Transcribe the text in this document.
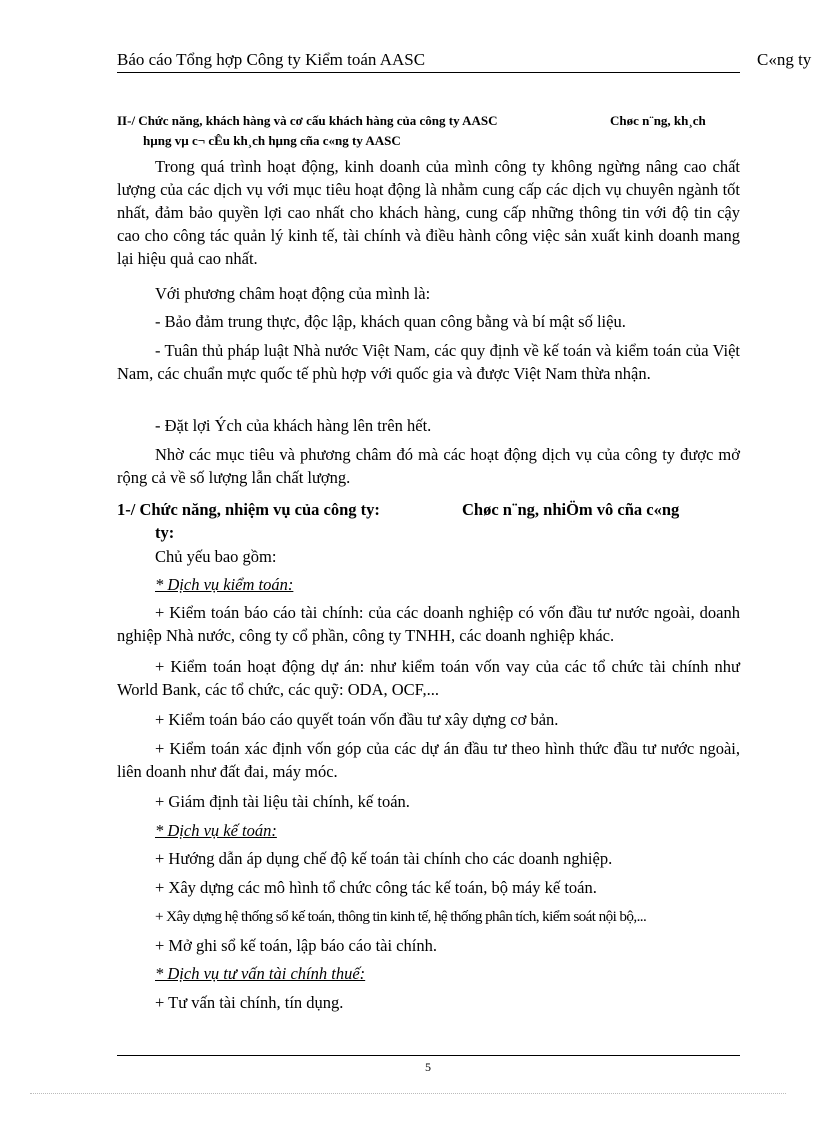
Báo cáo Tổng hợp Công ty Kiểm toán AASC	C«ng ty
II-/ Chức năng, khách hàng và cơ cấu khách hàng của công ty AASC	Chøc n¨ng, kh¸ch
hµng vµ c¬ cÊu kh¸ch hµng cña c«ng ty AASC

Trong quá trình hoạt động, kinh doanh của mình công ty không ngừng nâng cao chất lượng của các dịch vụ với mục tiêu hoạt động là nhằm cung cấp các dịch vụ chuyên ngành tốt nhất, đảm bảo quyền lợi cao nhất cho khách hàng, cung cấp những thông tin với độ tin cậy cao cho công tác quản lý kinh tế, tài chính và điều hành công việc sản xuất kinh doanh mang lại hiệu quả cao nhất.

Với phương châm hoạt động của mình là:

- Bảo đảm trung thực, độc lập, khách quan công bằng và bí mật số liệu.

- Tuân thủ pháp luật Nhà nước Việt Nam, các quy định về kế toán và kiểm toán của Việt Nam, các chuẩn mực quốc tế phù hợp với quốc gia và được Việt Nam thừa nhận.

- Đặt lợi Ých của khách hàng lên trên hết.

Nhờ các mục tiêu và phương châm đó mà các hoạt động dịch vụ của công ty được mở rộng cả về số lượng lẫn chất lượng.

1-/ Chức năng, nhiệm vụ của công ty:	Chøc n¨ng, nhiÖm vô cña c«ng
ty:

Chủ yếu bao gồm:

* Dịch vụ kiểm toán:

+ Kiểm toán báo cáo tài chính: của các doanh nghiệp có vốn đầu tư nước ngoài, doanh nghiệp Nhà nước, công ty cổ phần, công ty TNHH, các doanh nghiệp khác.

+ Kiểm toán hoạt động dự án: như kiểm toán vốn vay của các tổ chức tài chính như World Bank, các tổ chức, các quỹ: ODA, OCF,...

+ Kiểm toán báo cáo quyết toán vốn đầu tư xây dựng cơ bản.

+ Kiểm toán xác định vốn góp của các dự án đầu tư theo hình thức đầu tư nước ngoài, liên doanh như đất đai, máy móc.

+ Giám định tài liệu tài chính, kế toán.

* Dịch vụ kế toán:

+ Hướng dẫn áp dụng chế độ kế toán tài chính cho các doanh nghiệp.

+ Xây dựng các mô hình tổ chức công tác kế toán, bộ máy kế toán.

+ Xây dựng hệ thống sổ kế toán, thông tin kinh tế, hệ thống phân tích, kiểm soát nội bộ,...

+ Mở ghi sổ kế toán, lập báo cáo tài chính.

* Dịch vụ tư vấn tài chính thuế:

+ Tư vấn tài chính, tín dụng.

5
